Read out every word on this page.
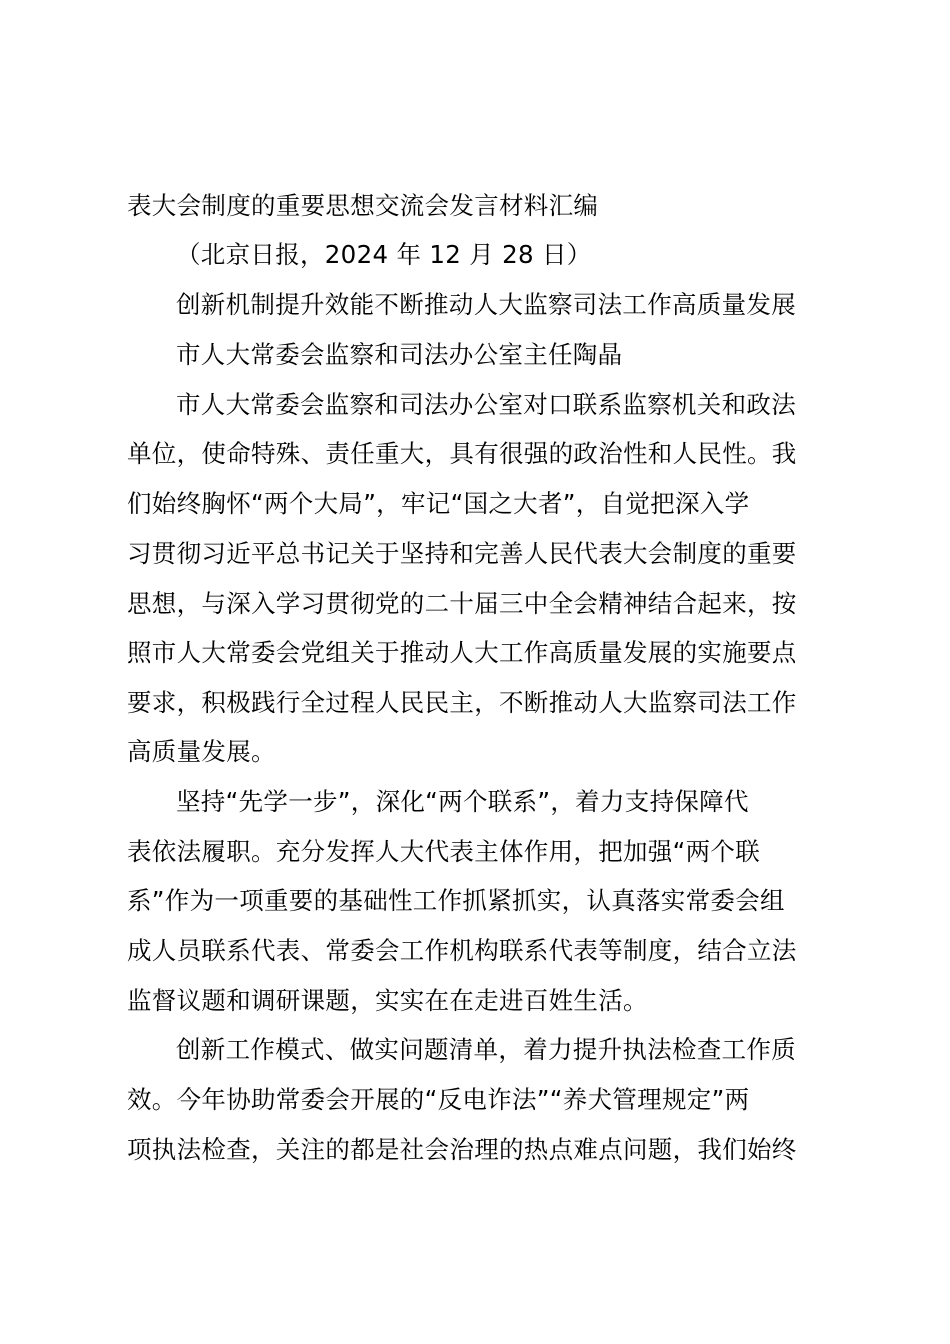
表大会制度的重要思想交流会发言材料汇编
（北京日报，2024 年 12 月 28 日）
创新机制提升效能不断推动人大监察司法工作高质量发展
市人大常委会监察和司法办公室主任陶晶
市人大常委会监察和司法办公室对口联系监察机关和政法
单位，使命特殊、责任重大，具有很强的政治性和人民性。我
们始终胸怀“两个大局”，牢记“国之大者”，自觉把深入学
习贯彻习近平总书记关于坚持和完善人民代表大会制度的重要
思想，与深入学习贯彻党的二十届三中全会精神结合起来，按
照市人大常委会党组关于推动人大工作高质量发展的实施要点
要求，积极践行全过程人民民主，不断推动人大监察司法工作
高质量发展。
坚持“先学一步”，深化“两个联系”，着力支持保障代
表依法履职。充分发挥人大代表主体作用，把加强“两个联
系”作为一项重要的基础性工作抓紧抓实，认真落实常委会组
成人员联系代表、常委会工作机构联系代表等制度，结合立法
监督议题和调研课题，实实在在走进百姓生活。
创新工作模式、做实问题清单，着力提升执法检查工作质
效。今年协助常委会开展的“反电诈法”“养犬管理规定”两
项执法检查，关注的都是社会治理的热点难点问题，我们始终
